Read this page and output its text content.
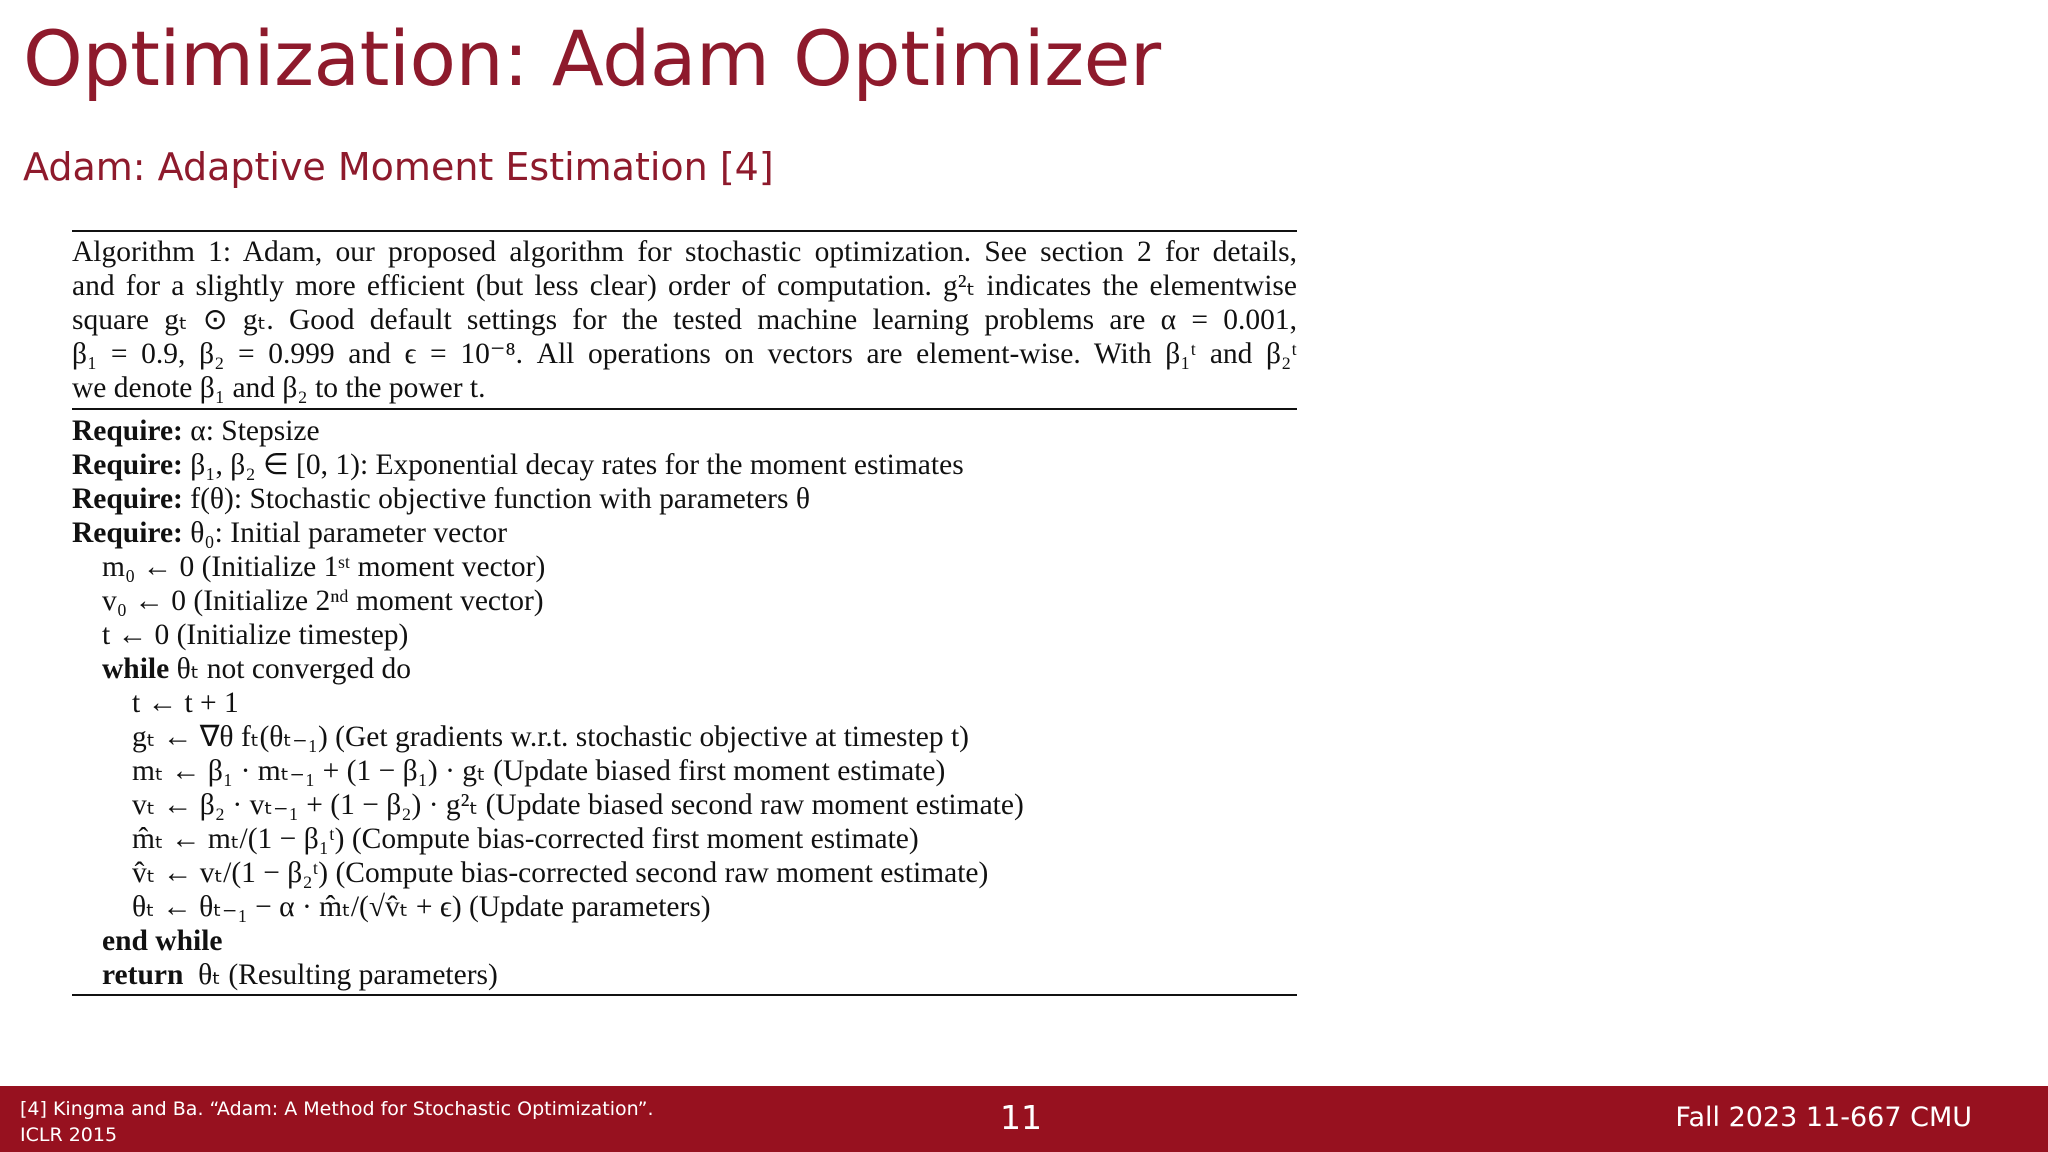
Optimization: Adam Optimizer
Adam: Adaptive Moment Estimation [4]
Algorithm 1: Adam, our proposed algorithm for stochastic optimization. See section 2 for details,
and for a slightly more efficient (but less clear) order of computation. g²ₜ indicates the elementwise
square gₜ ⊙ gₜ. Good default settings for the tested machine learning problems are α = 0.001,
β₁ = 0.9, β₂ = 0.999 and ϵ = 10⁻⁸. All operations on vectors are element-wise. With β₁ᵗ and β₂ᵗ
we denote β₁ and β₂ to the power t.
Require: α: Stepsize
Require: β₁, β₂ ∈ [0, 1): Exponential decay rates for the moment estimates
Require: f(θ): Stochastic objective function with parameters θ
Require: θ₀: Initial parameter vector
m₀ ← 0 (Initialize 1ˢᵗ moment vector)
v₀ ← 0 (Initialize 2ⁿᵈ moment vector)
t ← 0 (Initialize timestep)
while θₜ not converged do
t ← t + 1
gₜ ← ∇θ fₜ(θₜ₋₁) (Get gradients w.r.t. stochastic objective at timestep t)
mₜ ← β₁ · mₜ₋₁ + (1 − β₁) · gₜ (Update biased first moment estimate)
vₜ ← β₂ · vₜ₋₁ + (1 − β₂) · g²ₜ (Update biased second raw moment estimate)
m̂ₜ ← mₜ/(1 − β₁ᵗ) (Compute bias-corrected first moment estimate)
v̂ₜ ← vₜ/(1 − β₂ᵗ) (Compute bias-corrected second raw moment estimate)
θₜ ← θₜ₋₁ − α · m̂ₜ/(√v̂ₜ + ϵ) (Update parameters)
end while
return  θₜ (Resulting parameters)
[4] Kingma and Ba. “Adam: A Method for Stochastic Optimization”.
ICLR 2015	11	Fall 2023 11-667 CMU
